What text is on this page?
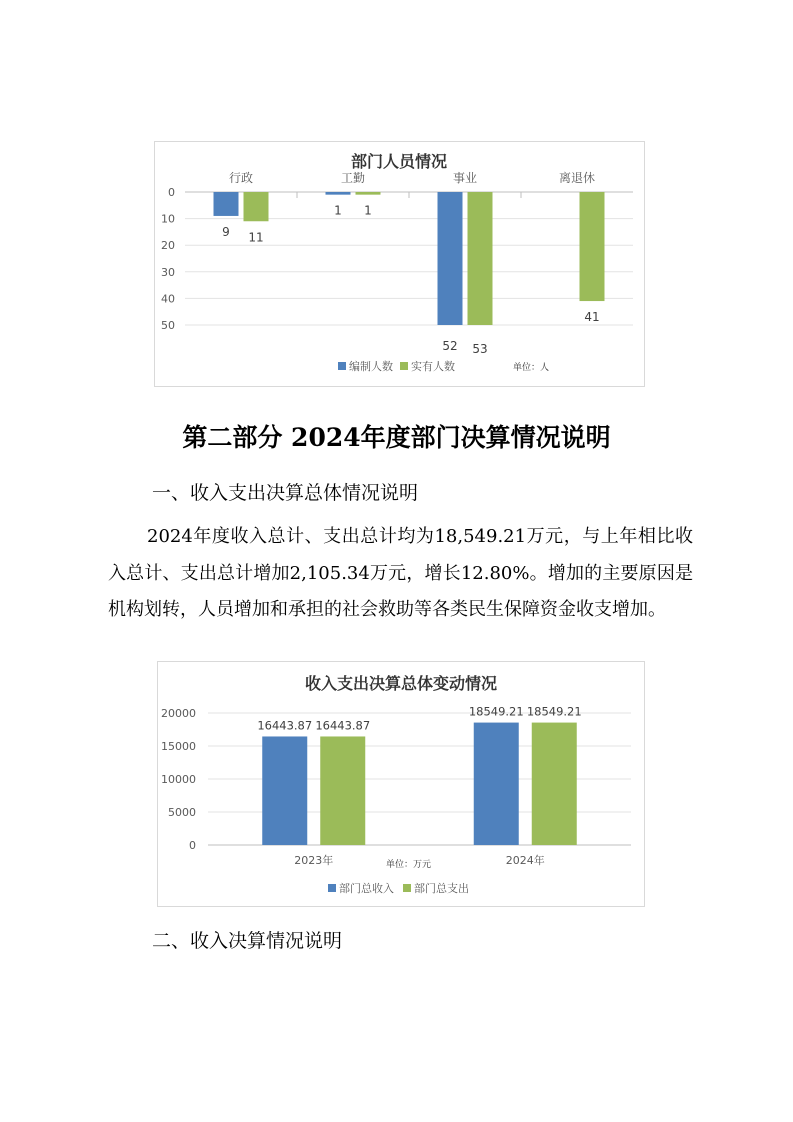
部门人员情况
0
10
20
30
40
50
行政	工勤	事业	离退休
9
1
52
11
1
53
41
编制人数 实有人数	单位：人
第二部分 2024年度部门决算情况说明
一、收入支出决算总体情况说明

2024年度收入总计、支出总计均为18,549.21万元，与上年相比收入总计、支出总计增加2,105.34万元，增长12.80%。增加的主要原因是机构划转，人员增加和承担的社会救助等各类民生保障资金收支增加。

收入支出决算总体变动情况
0
5000
10000
15000
20000
16443.87
18549.21
16443.87
18549.21
2023年	2024年
单位：万元
部门总收入 部门总支出
二、收入决算情况说明
